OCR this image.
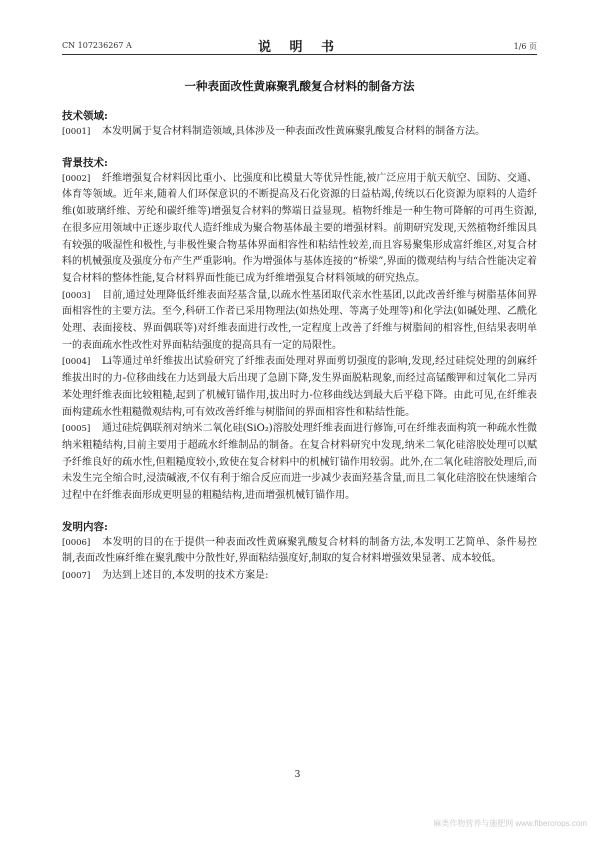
CN 107236267 A	说 明 书	1/6 页
一种表面改性黄麻聚乳酸复合材料的制备方法

技术领域:

[0001] 本发明属于复合材料制造领域,具体涉及一种表面改性黄麻聚乳酸复合材料的制备方法。

背景技术:

[0002] 纤维增强复合材料因比重小、比强度和比模量大等优异性能,被广泛应用于航天航空、国防、交通、体育等领域。近年来,随着人们环保意识的不断提高及石化资源的日益枯竭,传统以石化资源为原料的人造纤维(如玻璃纤维、芳纶和碳纤维等)增强复合材料的弊端日益显现。植物纤维是一种生物可降解的可再生资源,在很多应用领域中正逐步取代人造纤维成为聚合物基体最主要的增强材料。前期研究发现,天然植物纤维因具有较强的吸湿性和极性,与非极性聚合物基体界面相容性和粘结性较差,而且容易聚集形成富纤维区,对复合材料的机械强度及强度分布产生严重影响。作为增强体与基体连接的“桥梁”,界面的微观结构与结合性能决定着复合材料的整体性能,复合材料界面性能已成为纤维增强复合材料领域的研究热点。

[0003] 目前,通过处理降低纤维表面羟基含量,以疏水性基团取代亲水性基团,以此改善纤维与树脂基体间界面相容性的主要方法。至今,科研工作者已采用物理法(如热处理、等离子处理等)和化学法(如碱处理、乙酰化处理、表面接枝、界面偶联等)对纤维表面进行改性,一定程度上改善了纤维与树脂间的相容性,但结果表明单一的表面疏水性改性对界面粘结强度的提高具有一定的局限性。

[0004] Li等通过单纤维拔出试验研究了纤维表面处理对界面剪切强度的影响,发现,经过硅烷处理的剑麻纤维拔出时的力-位移曲线在力达到最大后出现了急剧下降,发生界面脱粘现象,而经过高锰酸钾和过氧化二异丙苯处理纤维表面比较粗糙,起到了机械钉锚作用,拔出时力-位移曲线达到最大后平稳下降。由此可见,在纤维表面构建疏水性粗糙微观结构,可有效改善纤维与树脂间的界面相容性和粘结性能。

[0005] 通过硅烷偶联剂对纳米二氧化硅(SiO₂)溶胶处理纤维表面进行修饰,可在纤维表面构筑一种疏水性微纳米粗糙结构,目前主要用于超疏水纤维制品的制备。在复合材料研究中发现,纳米二氧化硅溶胶处理可以赋予纤维良好的疏水性,但粗糙度较小,致使在复合材料中的机械钉锚作用较弱。此外,在二氧化硅溶胶处理后,而未发生完全缩合时,浸渍碱液,不仅有利于缩合反应而进一步减少表面羟基含量,而且二氧化硅溶胶在快速缩合过程中在纤维表面形成更明显的粗糙结构,进而增强机械钉锚作用。

发明内容:

[0006] 本发明的目的在于提供一种表面改性黄麻聚乳酸复合材料的制备方法,本发明工艺简单、条件易控制,表面改性麻纤维在聚乳酸中分散性好,界面粘结强度好,制取的复合材料增强效果显著、成本较低。

[0007] 为达到上述目的,本发明的技术方案是:

3
麻类作物营养与施肥网 www.fibercrops.com
